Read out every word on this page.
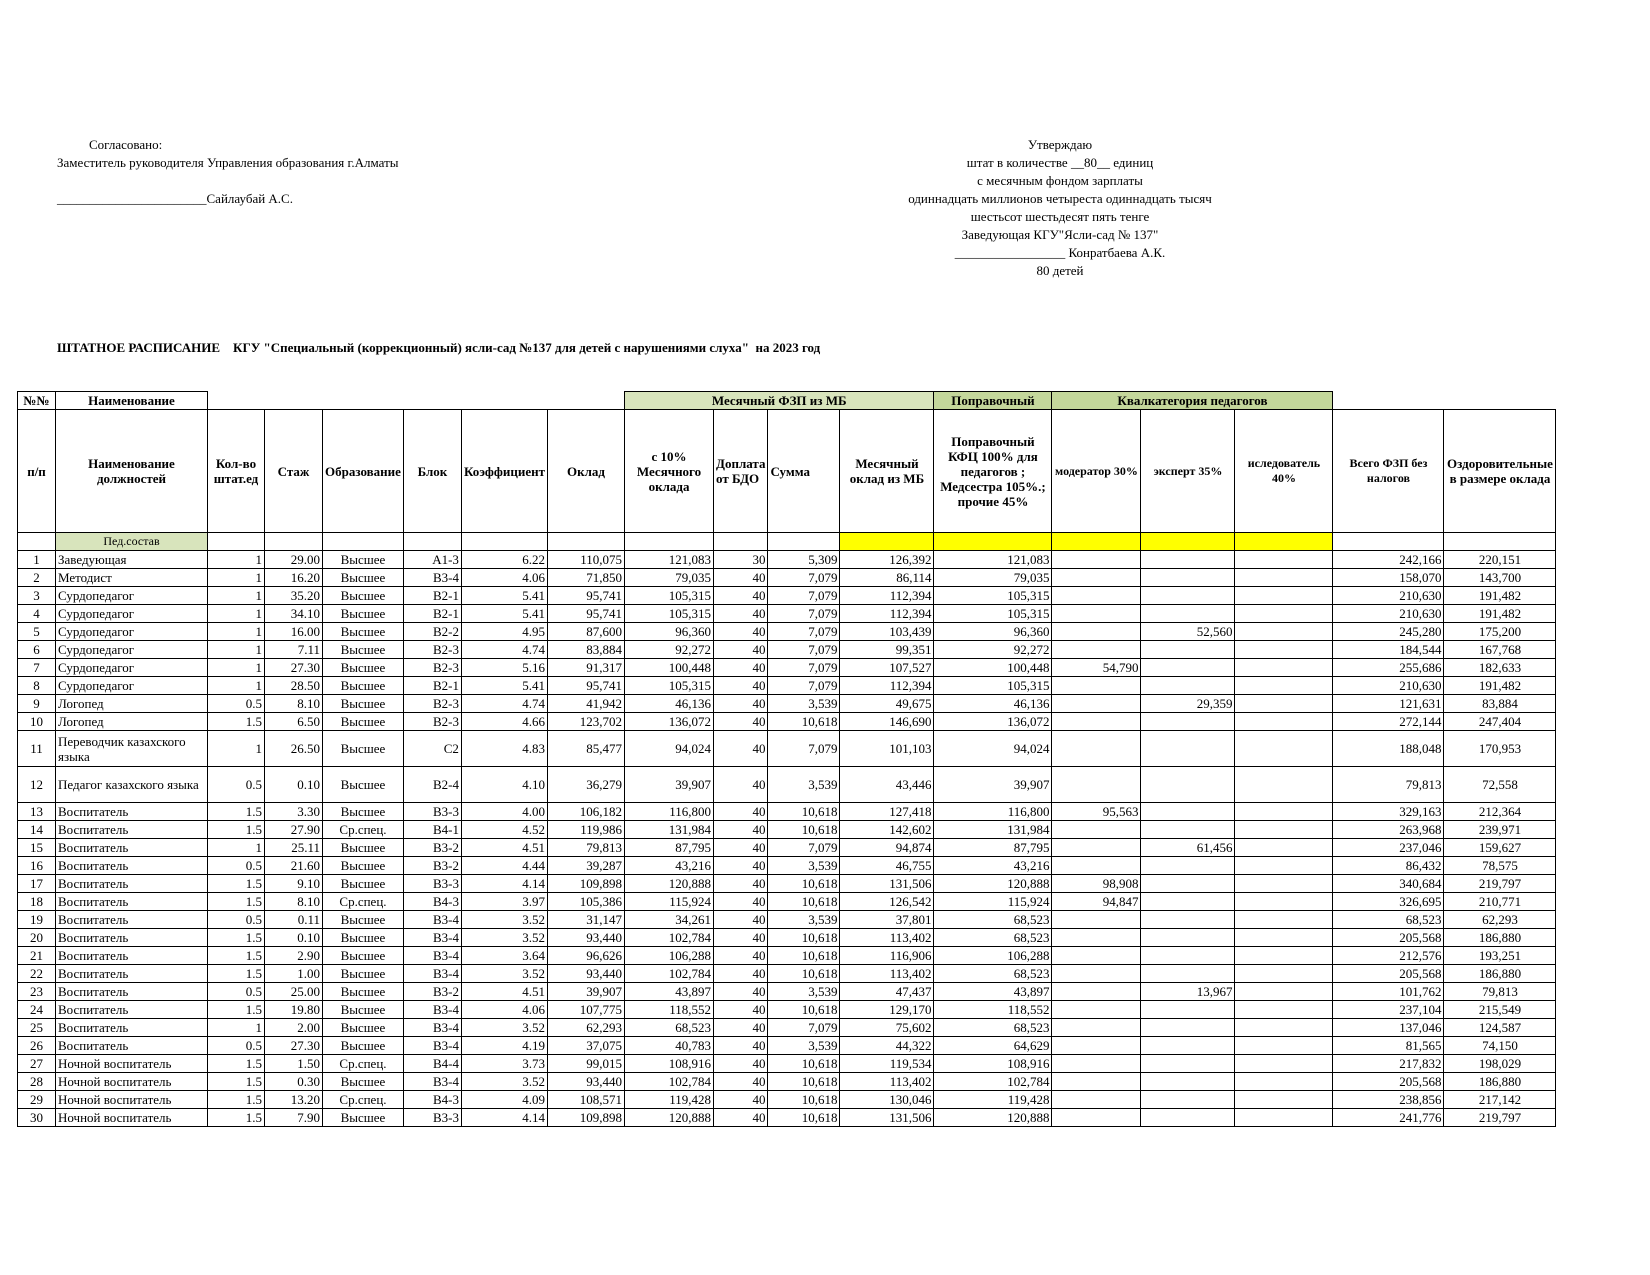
Согласовано:
Заместитель руководителя Управления образования г.Алматы
_______________________Сайлаубай А.С.
Утверждаю
штат в количестве __80__ единиц
с месячным фондом зарплаты
одиннадцать миллионов четыреста одиннадцать тысяч
шестьсот шестьдесят пять тенге
Заведующая КГУ"Ясли-сад № 137"
_________________ Конратбаева А.К.
80 детей
ШТАТНОЕ РАСПИСАНИЕ    КГУ "Специальный (коррекционный) ясли-сад №137 для детей с нарушениями слуха"  на 2023 год
№№	Наименование							Месячный ФЗП из МБ				Поправочный	Квалкатегория педагогов				
п/п	Наименование должностей	Кол-во штат.ед	Стаж	Образование	Блок	Коэффициент	Оклад	с 10% Месячного оклада	Доплата от БДО	Сумма	Месячный оклад из МБ	Поправочный КФЦ 100% для педагогов ; Медсестра 105%.; прочие 45%	модератор 30%	эксперт 35%	иследователь 40%	Всего ФЗП без налогов	Оздоровительные в размере оклада
	Пед.состав																
1	Заведующая	1	29.00	Высшее	А1-3	6.22	110,075	121,083	30	5,309	126,392	121,083				242,166	220,151
2	Методист	1	16.20	Высшее	В3-4	4.06	71,850	79,035	40	7,079	86,114	79,035				158,070	143,700
3	Сурдопедагог	1	35.20	Высшее	В2-1	5.41	95,741	105,315	40	7,079	112,394	105,315				210,630	191,482
4	Сурдопедагог	1	34.10	Высшее	В2-1	5.41	95,741	105,315	40	7,079	112,394	105,315				210,630	191,482
5	Сурдопедагог	1	16.00	Высшее	В2-2	4.95	87,600	96,360	40	7,079	103,439	96,360		52,560		245,280	175,200
6	Сурдопедагог	1	7.11	Высшее	В2-3	4.74	83,884	92,272	40	7,079	99,351	92,272				184,544	167,768
7	Сурдопедагог	1	27.30	Высшее	В2-3	5.16	91,317	100,448	40	7,079	107,527	100,448	54,790			255,686	182,633
8	Сурдопедагог	1	28.50	Высшее	В2-1	5.41	95,741	105,315	40	7,079	112,394	105,315				210,630	191,482
9	Логопед	0.5	8.10	Высшее	В2-3	4.74	41,942	46,136	40	3,539	49,675	46,136		29,359		121,631	83,884
10	Логопед	1.5	6.50	Высшее	В2-3	4.66	123,702	136,072	40	10,618	146,690	136,072				272,144	247,404
11	Переводчик казахского языка	1	26.50	Высшее	С2	4.83	85,477	94,024	40	7,079	101,103	94,024				188,048	170,953
12	Педагог казахского языка	0.5	0.10	Высшее	В2-4	4.10	36,279	39,907	40	3,539	43,446	39,907				79,813	72,558
13	Воспитатель	1.5	3.30	Высшее	В3-3	4.00	106,182	116,800	40	10,618	127,418	116,800	95,563			329,163	212,364
14	Воспитатель	1.5	27.90	Ср.спец.	В4-1	4.52	119,986	131,984	40	10,618	142,602	131,984				263,968	239,971
15	Воспитатель	1	25.11	Высшее	В3-2	4.51	79,813	87,795	40	7,079	94,874	87,795		61,456		237,046	159,627
16	Воспитатель	0.5	21.60	Высшее	В3-2	4.44	39,287	43,216	40	3,539	46,755	43,216				86,432	78,575
17	Воспитатель	1.5	9.10	Высшее	В3-3	4.14	109,898	120,888	40	10,618	131,506	120,888	98,908			340,684	219,797
18	Воспитатель	1.5	8.10	Ср.спец.	В4-3	3.97	105,386	115,924	40	10,618	126,542	115,924	94,847			326,695	210,771
19	Воспитатель	0.5	0.11	Высшее	В3-4	3.52	31,147	34,261	40	3,539	37,801	68,523				68,523	62,293
20	Воспитатель	1.5	0.10	Высшее	В3-4	3.52	93,440	102,784	40	10,618	113,402	68,523				205,568	186,880
21	Воспитатель	1.5	2.90	Высшее	В3-4	3.64	96,626	106,288	40	10,618	116,906	106,288				212,576	193,251
22	Воспитатель	1.5	1.00	Высшее	В3-4	3.52	93,440	102,784	40	10,618	113,402	68,523				205,568	186,880
23	Воспитатель	0.5	25.00	Высшее	В3-2	4.51	39,907	43,897	40	3,539	47,437	43,897		13,967		101,762	79,813
24	Воспитатель	1.5	19.80	Высшее	В3-4	4.06	107,775	118,552	40	10,618	129,170	118,552				237,104	215,549
25	Воспитатель	1	2.00	Высшее	В3-4	3.52	62,293	68,523	40	7,079	75,602	68,523				137,046	124,587
26	Воспитатель	0.5	27.30	Высшее	В3-4	4.19	37,075	40,783	40	3,539	44,322	64,629				81,565	74,150
27	Ночной воспитатель	1.5	1.50	Ср.спец.	В4-4	3.73	99,015	108,916	40	10,618	119,534	108,916				217,832	198,029
28	Ночной воспитатель	1.5	0.30	Высшее	В3-4	3.52	93,440	102,784	40	10,618	113,402	102,784				205,568	186,880
29	Ночной воспитатель	1.5	13.20	Ср.спец.	В4-3	4.09	108,571	119,428	40	10,618	130,046	119,428				238,856	217,142
30	Ночной воспитатель	1.5	7.90	Высшее	В3-3	4.14	109,898	120,888	40	10,618	131,506	120,888				241,776	219,797
